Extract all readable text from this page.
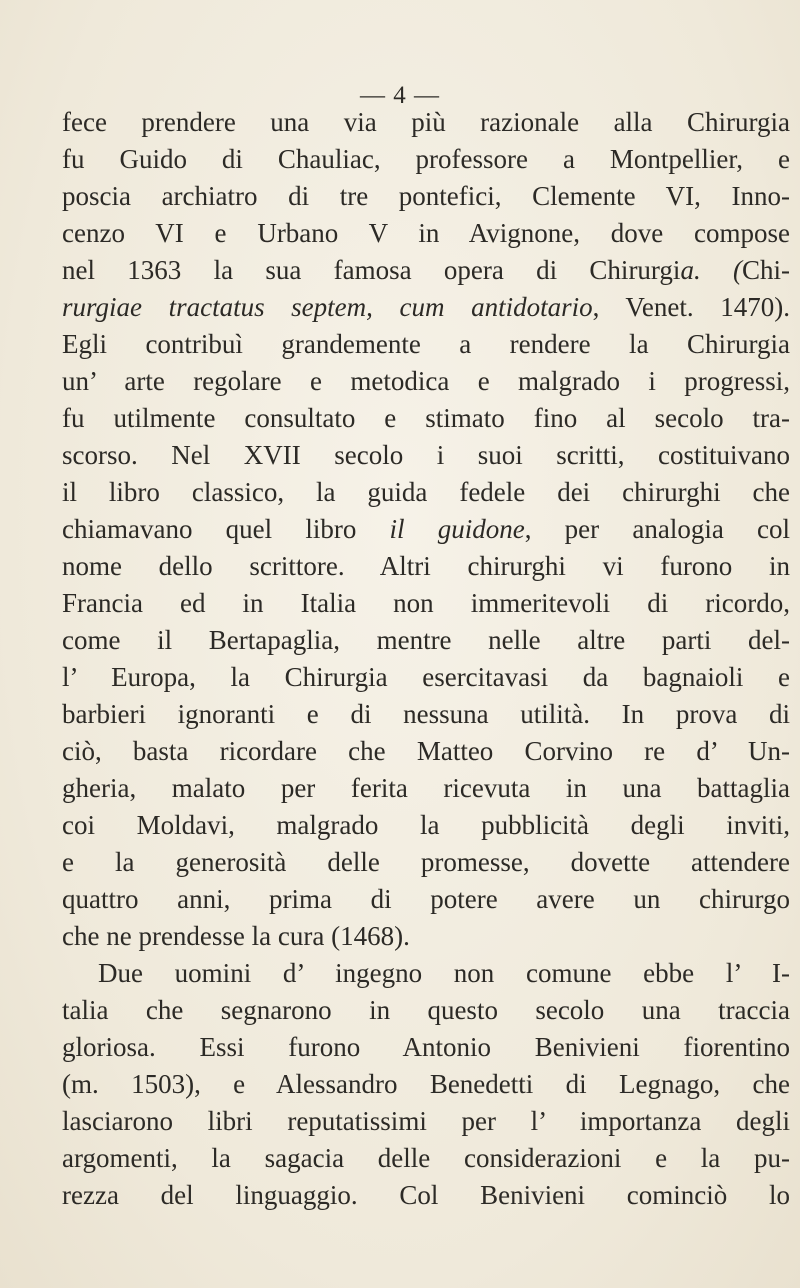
— 4 —
fece prendere una via più razionale alla Chirurgia
fu Guido di Chauliac, professore a Montpellier, e
poscia archiatro di tre pontefici, Clemente VI, Inno-
cenzo VI e Urbano V in Avignone, dove compose
nel 1363 la sua famosa opera di Chirurgia. (Chi-
rurgiae tractatus septem, cum antidotario, Venet. 1470).
Egli contribuì grandemente a rendere la Chirurgia
un’ arte regolare e metodica e malgrado i progressi,
fu utilmente consultato e stimato fino al secolo tra-
scorso. Nel XVII secolo i suoi scritti, costituivano
il libro classico, la guida fedele dei chirurghi che
chiamavano quel libro il guidone, per analogia col
nome dello scrittore. Altri chirurghi vi furono in
Francia ed in Italia non immeritevoli di ricordo,
come il Bertapaglia, mentre nelle altre parti del-
l’ Europa, la Chirurgia esercitavasi da bagnaioli e
barbieri ignoranti e di nessuna utilità. In prova di
ciò, basta ricordare che Matteo Corvino re d’ Un-
gheria, malato per ferita ricevuta in una battaglia
coi Moldavi, malgrado la pubblicità degli inviti,
e la generosità delle promesse, dovette attendere
quattro anni, prima di potere avere un chirurgo
che ne prendesse la cura (1468).
Due uomini d’ ingegno non comune ebbe l’ I-
talia che segnarono in questo secolo una traccia
gloriosa. Essi furono Antonio Benivieni fiorentino
(m. 1503), e Alessandro Benedetti di Legnago, che
lasciarono libri reputatissimi per l’ importanza degli
argomenti, la sagacia delle considerazioni e la pu-
rezza del linguaggio. Col Benivieni cominciò lo
